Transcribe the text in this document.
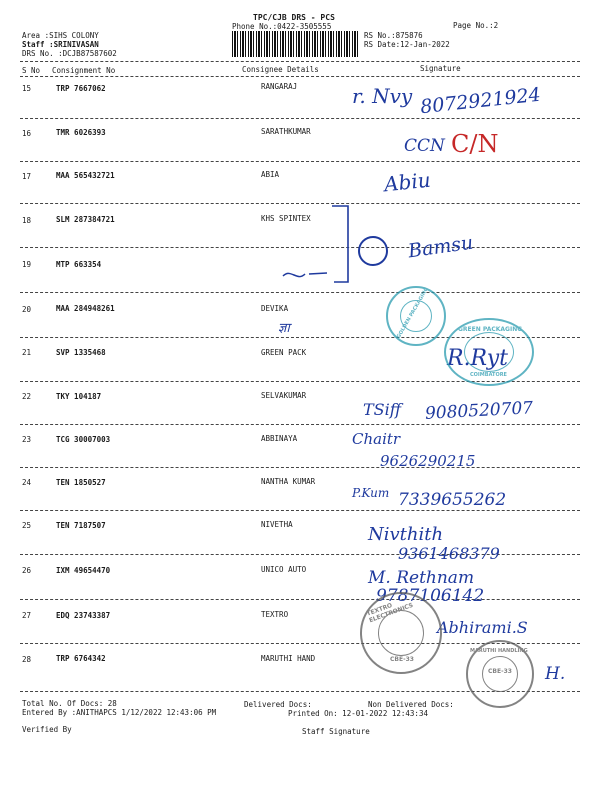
TPC/CJB DRS - PCS
Phone No.:0422-3505555	Page No.:2
Area :SIHS COLONY
Staff :SRINIVASAN
DRS No. :DCJB87587602
RS No.:875876
RS Date:12-Jan-2022
S No Consignment No	Consignee Details	Signature
15	TRP 7667062	RANGARAJ
16	TMR 6026393	SARATHKUMAR
17	MAA 565432721	ABIA
18	SLM 287384721	KHS SPINTEX
19	MTP 663354
20	MAA 284948261	DEVIKA
21	SVP 1335468	GREEN PACK
22	TKY 104187	SELVAKUMAR
23	TCG 30007003	ABBINAYA
24	TEN 1850527	NANTHA KUMAR
25	TEN 7187507	NIVETHA
26	IXM 49654470	UNICO AUTO
27	EDQ 23743387	TEXTRO
28	TRP 6764342	MARUTHI HAND
r. Nvy 8072921924
CCN C/N
Abiu
Bamsu
ज्ञा
R.Ryt
TSiff 9080520707
Chaitr
9626290215
P.Kum 7339655262
Nivthith
9361468379
M. Rethnam
9787106142
Abhirami.S
H.
GOLDEN PACKAGING	GREEN PACKAGING
COIMBATORE
TEXTRO ELECTRONICS
CBE-33
MARUTHI HANDLING
CBE-33
Total No. Of Docs: 28	Delivered Docs:	Non Delivered Docs:
Entered By :ANITHAPCS 1/12/2022 12:43:06 PM	Printed On: 12-01-2022 12:43:34
Verified By	Staff Signature
